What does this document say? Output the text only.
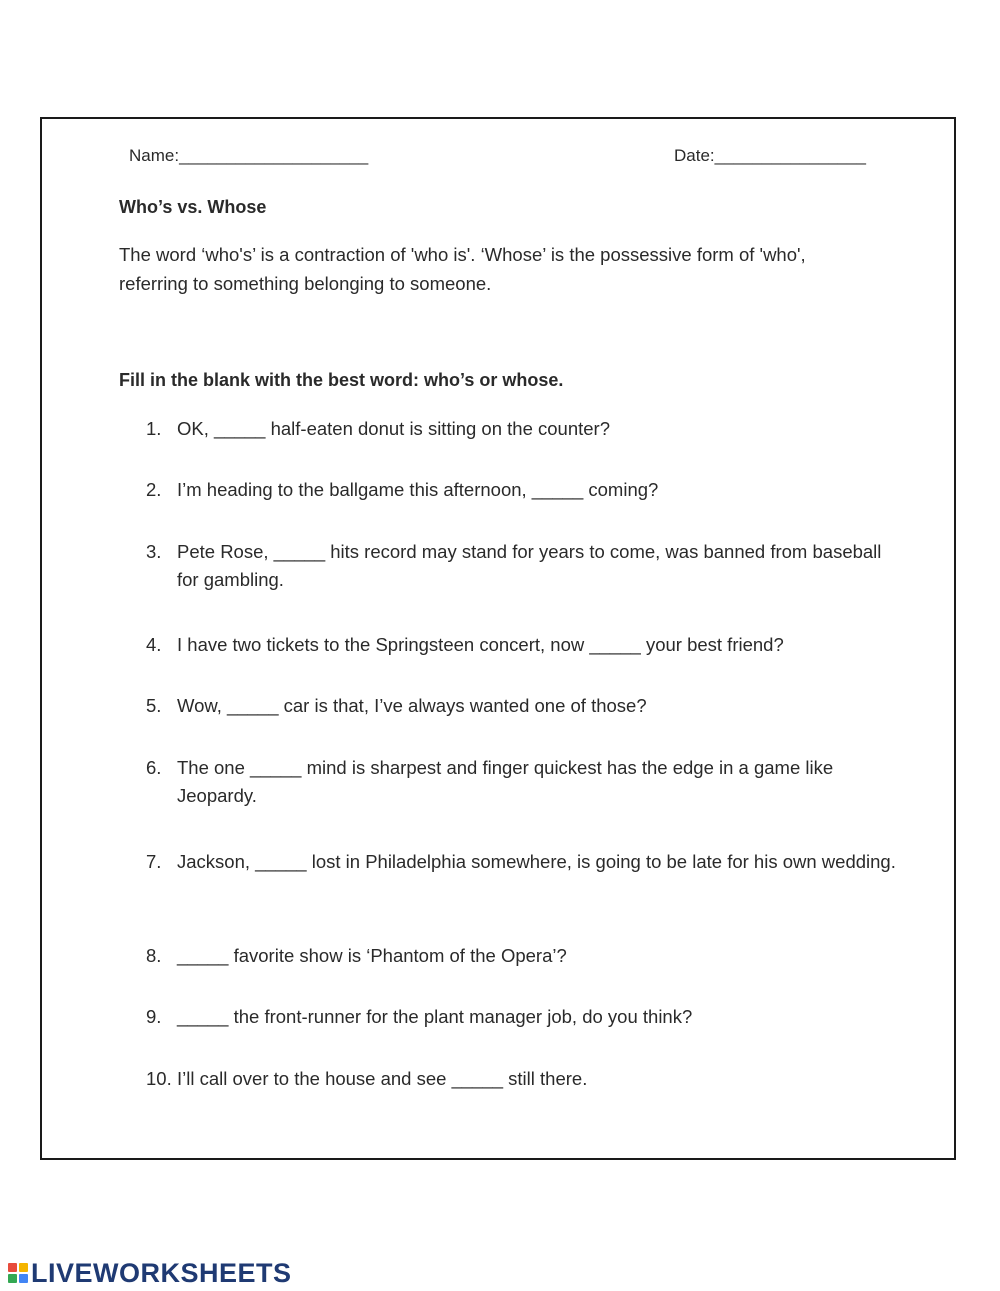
Name:____________________	Date:________________
Who’s vs. Whose
The word ‘who's’ is a contraction of 'who is'. ‘Whose’ is the possessive form of 'who', referring to something belonging to someone.
Fill in the blank with the best word: who’s or whose.
1. OK, _____ half-eaten donut is sitting on the counter?
2. I’m heading to the ballgame this afternoon, _____ coming?
3. Pete Rose, _____ hits record may stand for years to come, was banned from baseball for gambling.
4. I have two tickets to the Springsteen concert, now _____ your best friend?
5. Wow, _____ car is that, I’ve always wanted one of those?
6. The one _____ mind is sharpest and finger quickest has the edge in a game like Jeopardy.
7. Jackson, _____ lost in Philadelphia somewhere, is going to be late for his own wedding.
8. _____ favorite show is ‘Phantom of the Opera’?
9. _____ the front-runner for the plant manager job, do you think?
10. I’ll call over to the house and see _____ still there.
LIVEWORKSHEETS
